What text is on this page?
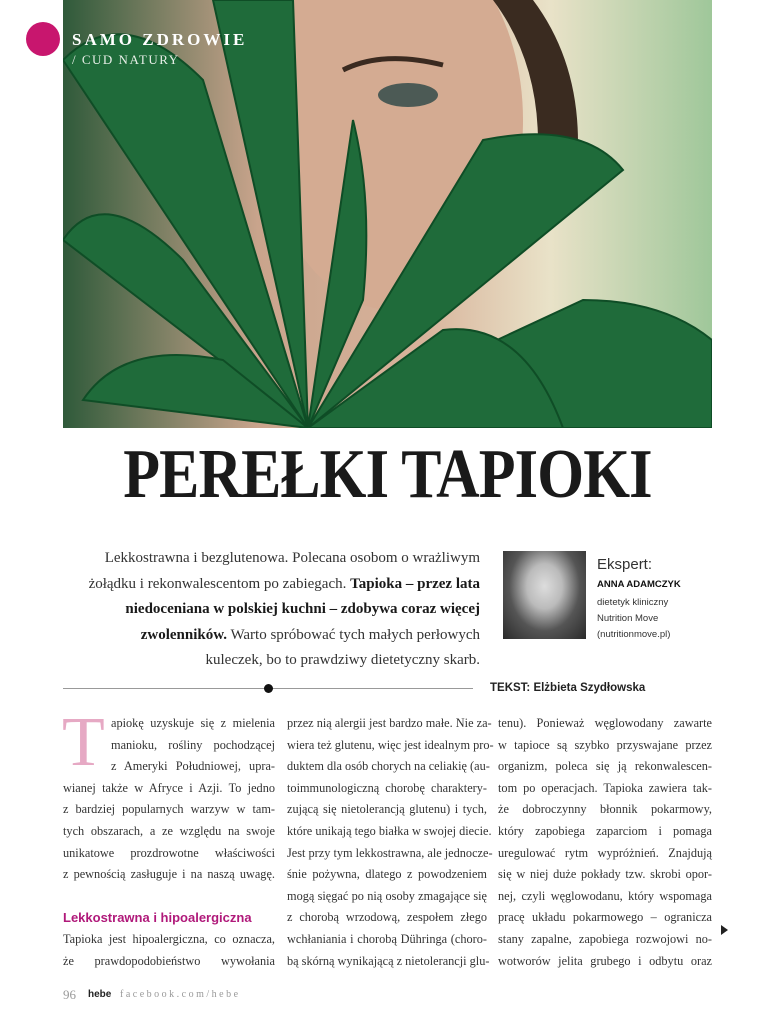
SAMO ZDROWIE
/ CUD NATURY
PEREŁKI TAPIOKI

Lekkostrawna i bezglutenowa. Polecana osobom o wrażliwym żołądku i rekonwalescentom po zabiegach. Tapioka – przez lata niedoceniana w polskiej kuchni – zdobywa coraz więcej zwolenników. Warto spróbować tych małych perłowych kuleczek, bo to prawdziwy dietetyczny skarb.

Ekspert:
ANNA ADAMCZYK
dietetyk kliniczny
Nutrition Move
(nutritionmove.pl)
TEKST: Elżbieta Szydłowska
T apiokę uzyskuje się z mielenia
manioku, rośliny pochodzącej
z Ameryki Południowej, upra-
wianej także w Afryce i Azji. To jedno
z bardziej popularnych warzyw w tam-
tych obszarach, a ze względu na swoje
unikatowe prozdrowotne właściwości
z pewnością zasługuje i na naszą uwagę.
Lekkostrawna i hipoalergiczna
Tapioka jest hipoalergiczna, co oznacza,
że prawdopodobieństwo wywołania
przez nią alergii jest bardzo małe. Nie za-
wiera też glutenu, więc jest idealnym pro-
duktem dla osób chorych na celiakię (au-
toimmunologiczną chorobę charaktery-
zującą się nietolerancją glutenu) i tych,
które unikają tego białka w swojej diecie.
Jest przy tym lekkostrawna, ale jednocze-
śnie pożywna, dlatego z powodzeniem
mogą sięgać po nią osoby zmagające się
z chorobą wrzodową, zespołem złego
wchłaniania i chorobą Dühringa (choro-
bą skórną wynikającą z nietolerancji glu-
tenu). Ponieważ węglowodany zawarte
w tapioce są szybko przyswajane przez
organizm, poleca się ją rekonwalescen-
tom po operacjach. Tapioka zawiera tak-
że dobroczynny błonnik pokarmowy,
który zapobiega zaparciom i pomaga
uregulować rytm wypróżnień. Znajdują
się w niej duże pokłady tzw. skrobi opor-
nej, czyli węglowodanu, który wspomaga
pracę układu pokarmowego – ogranicza
stany zapalne, zapobiega rozwojowi no-
wotworów jelita grubego i odbytu oraz
96 hebe facebook.com/hebe
